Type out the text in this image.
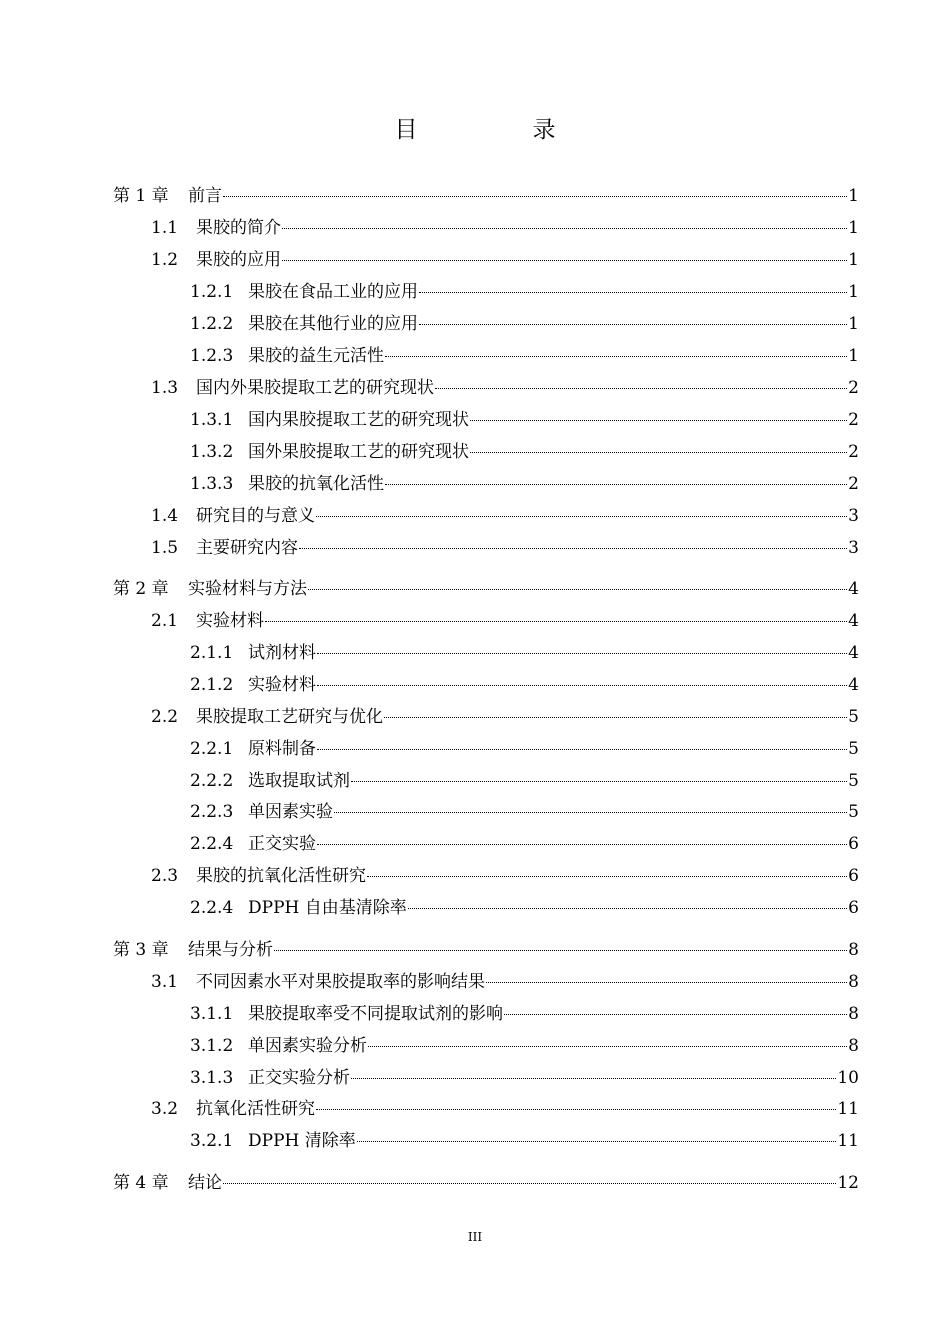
目　录
第 1 章	前言	1
1.1	果胶的简介	1
1.2	果胶的应用	1
1.2.1 果胶在食品工业的应用	1
1.2.2 果胶在其他行业的应用	1
1.2.3 果胶的益生元活性	1
1.3	国内外果胶提取工艺的研究现状	2
1.3.1 国内果胶提取工艺的研究现状	2
1.3.2 国外果胶提取工艺的研究现状	2
1.3.3 果胶的抗氧化活性	2
1.4	研究目的与意义	3
1.5	主要研究内容	3
第 2 章	实验材料与方法	4
2.1	实验材料	4
2.1.1 试剂材料	4
2.1.2 实验材料	4
2.2	果胶提取工艺研究与优化	5
2.2.1 原料制备	5
2.2.2 选取提取试剂	5
2.2.3 单因素实验	5
2.2.4 正交实验	6
2.3	果胶的抗氧化活性研究	6
2.2.4 DPPH 自由基清除率	6
第 3 章	结果与分析	8
3.1	不同因素水平对果胶提取率的影响结果	8
3.1.1 果胶提取率受不同提取试剂的影响	8
3.1.2 单因素实验分析	8
3.1.3 正交实验分析	10
3.2	抗氧化活性研究	11
3.2.1 DPPH 清除率	11
第 4 章	结论	12
III
